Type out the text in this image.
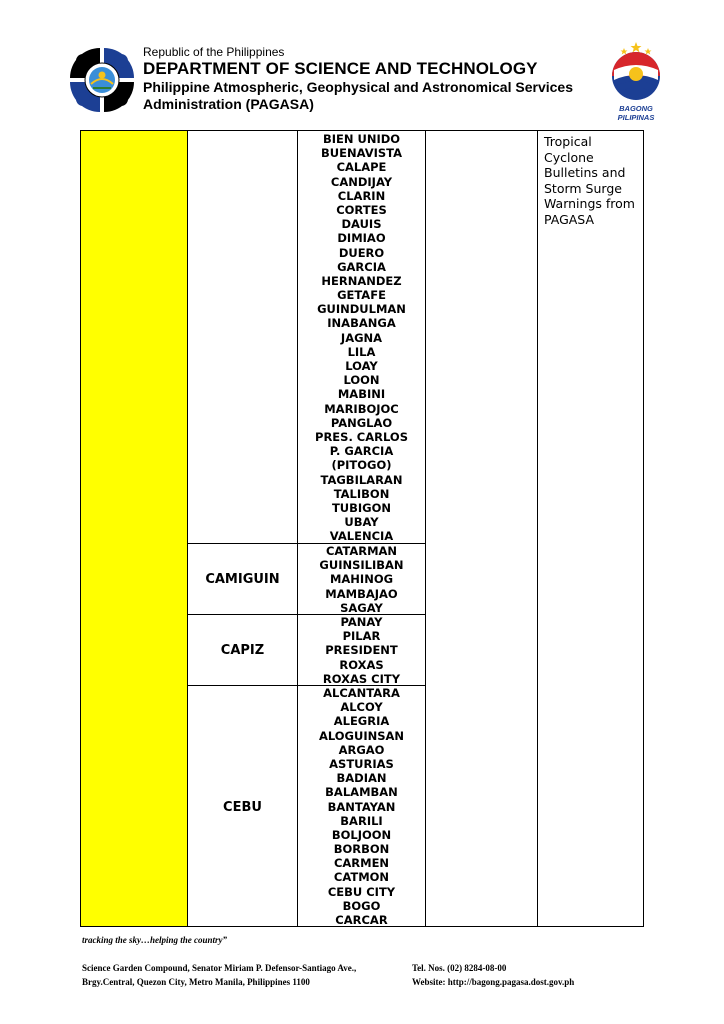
Republic of the Philippines
DEPARTMENT OF SCIENCE AND TECHNOLOGY
Philippine Atmospheric, Geophysical and Astronomical Services
Administration (PAGASA)	BAGONG PILIPINAS
CAMIGUIN
CAPIZ
CEBU
BIEN UNIDO
BUENAVISTA
CALAPE
CANDIJAY
CLARIN
CORTES
DAUIS
DIMIAO
DUERO
GARCIA
HERNANDEZ
GETAFE
GUINDULMAN
INABANGA
JAGNA
LILA
LOAY
LOON
MABINI
MARIBOJOC
PANGLAO
PRES. CARLOS
P. GARCIA
(PITOGO)
TAGBILARAN
TALIBON
TUBIGON
UBAY
VALENCIA
CATARMAN
GUINSILIBAN
MAHINOG
MAMBAJAO
SAGAY
PANAY
PILAR
PRESIDENT
ROXAS
ROXAS CITY
ALCANTARA
ALCOY
ALEGRIA
ALOGUINSAN
ARGAO
ASTURIAS
BADIAN
BALAMBAN
BANTAYAN
BARILI
BOLJOON
BORBON
CARMEN
CATMON
CEBU CITY
BOGO
CARCAR
Tropical Cyclone Bulletins and Storm Surge Warnings from PAGASA
tracking the sky…helping the country”
Science Garden Compound, Senator Miriam P. Defensor-Santiago Ave.,
Brgy.Central, Quezon City, Metro Manila, Philippines 1100
Tel. Nos. (02) 8284-08-00
Website: http://bagong.pagasa.dost.gov.ph
